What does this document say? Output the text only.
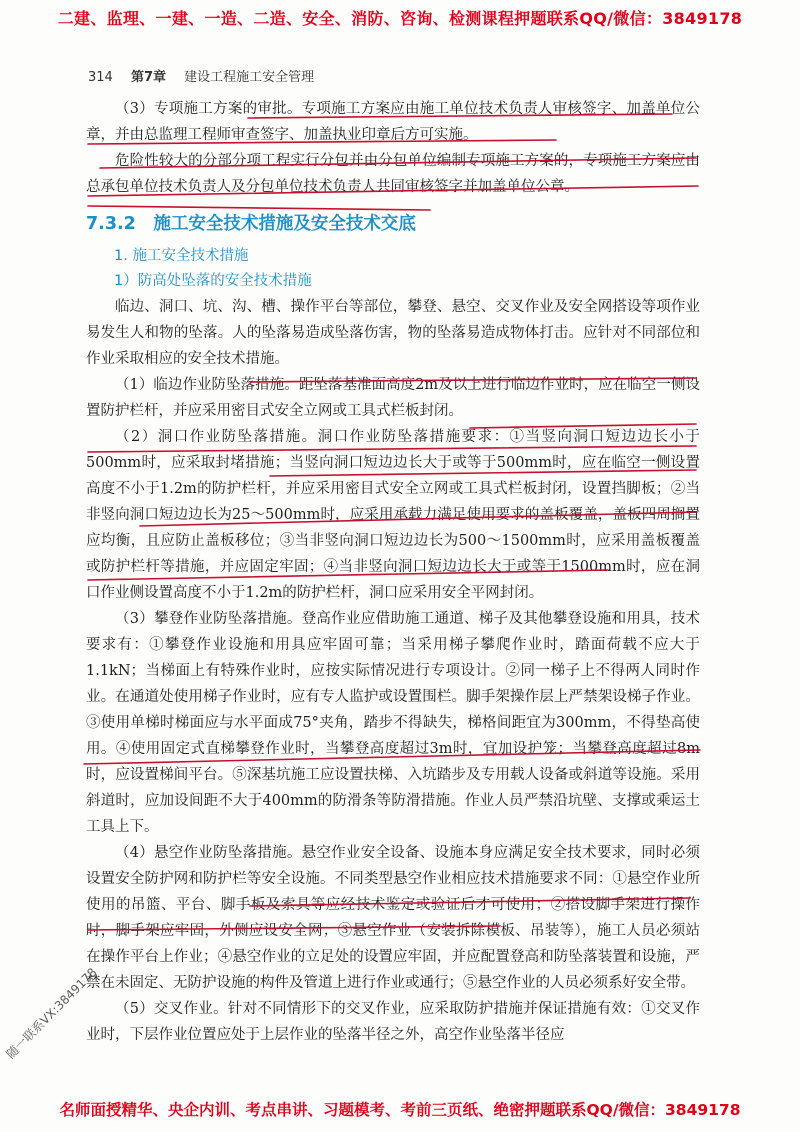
二建、监理、一建、一造、二造、安全、消防、咨询、检测课程押题联系QQ/微信：3849178
314 第7章 建设工程施工安全管理

（3）专项施工方案的审批。专项施工方案应由施工单位技术负责人审核签字、加盖单位公章，并由总监理工程师审查签字、加盖执业印章后方可实施。

危险性较大的分部分项工程实行分包并由分包单位编制专项施工方案的，专项施工方案应由总承包单位技术负责人及分包单位技术负责人共同审核签字并加盖单位公章。

7.3.2　施工安全技术措施及安全技术交底
1. 施工安全技术措施
1）防高处坠落的安全技术措施

临边、洞口、坑、沟、槽、操作平台等部位，攀登、悬空、交叉作业及安全网搭设等项作业易发生人和物的坠落。人的坠落易造成坠落伤害，物的坠落易造成物体打击。应针对不同部位和作业采取相应的安全技术措施。

（1）临边作业防坠落措施。距坠落基准面高度2m及以上进行临边作业时，应在临空一侧设置防护栏杆，并应采用密目式安全立网或工具式栏板封闭。

（2）洞口作业防坠落措施。洞口作业防坠落措施要求：①当竖向洞口短边边长小于500mm时，应采取封堵措施；当竖向洞口短边边长大于或等于500mm时，应在临空一侧设置高度不小于1.2m的防护栏杆，并应采用密目式安全立网或工具式栏板封闭，设置挡脚板；②当非竖向洞口短边边长为25～500mm时，应采用承载力满足使用要求的盖板覆盖，盖板四周搁置应均衡，且应防止盖板移位；③当非竖向洞口短边边长为500～1500mm时，应采用盖板覆盖或防护栏杆等措施，并应固定牢固；④当非竖向洞口短边边长大于或等于1500mm时，应在洞口作业侧设置高度不小于1.2m的防护栏杆，洞口应采用安全平网封闭。

（3）攀登作业防坠落措施。登高作业应借助施工通道、梯子及其他攀登设施和用具，技术要求有：①攀登作业设施和用具应牢固可靠；当采用梯子攀爬作业时，踏面荷载不应大于1.1kN；当梯面上有特殊作业时，应按实际情况进行专项设计。②同一梯子上不得两人同时作业。在通道处使用梯子作业时，应有专人监护或设置围栏。脚手架操作层上严禁架设梯子作业。③使用单梯时梯面应与水平面成75°夹角，踏步不得缺失，梯格间距宜为300mm，不得垫高使用。④使用固定式直梯攀登作业时，当攀登高度超过3m时，宜加设护笼；当攀登高度超过8m时，应设置梯间平台。⑤深基坑施工应设置扶梯、入坑踏步及专用载人设备或斜道等设施。采用斜道时，应加设间距不大于400mm的防滑条等防滑措施。作业人员严禁沿坑壁、支撑或乘运土工具上下。

（4）悬空作业防坠落措施。悬空作业安全设备、设施本身应满足安全技术要求，同时必须设置安全防护网和防护栏等安全设施。不同类型悬空作业相应技术措施要求不同：①悬空作业所使用的吊篮、平台、脚手板及索具等应经技术鉴定或验证后才可使用；②搭设脚手架进行操作时，脚手架应牢固，外侧应设安全网；③悬空作业（安装拆除模板、吊装等），施工人员必须站在操作平台上作业；④悬空作业的立足处的设置应牢固，并应配置登高和防坠落装置和设施，严禁在未固定、无防护设施的构件及管道上进行作业或通行；⑤悬空作业的人员必须系好安全带。

（5）交叉作业。针对不同情形下的交叉作业，应采取防护措施并保证措施有效：①交叉作业时，下层作业位置应处于上层作业的坠落半径之外，高空作业坠落半径应

随一联系VX:3849178
名师面授精华、央企内训、考点串讲、习题模考、考前三页纸、绝密押题联系QQ/微信：3849178
